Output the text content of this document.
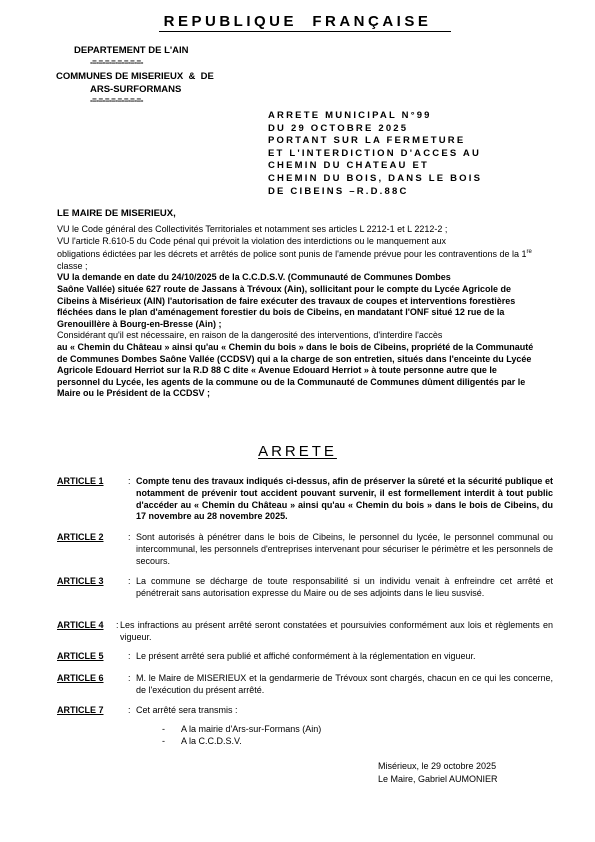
REPUBLIQUE  FRANÇAISE
DEPARTEMENT DE L'AIN
-=-=-=-=-=-=-=-=-
COMMUNES DE MISERIEUX  &  DE
ARS-SURFORMANS
-=-=-=-=-=-=-=-=-
ARRETE MUNICIPAL N°99
DU 29 OCTOBRE 2025
PORTANT SUR LA FERMETURE
ET L'INTERDICTION D'ACCES AU
CHEMIN DU CHATEAU ET
CHEMIN DU BOIS, DANS LE BOIS
DE CIBEINS –R.D.88C
LE MAIRE DE MISERIEUX,
VU le Code général des Collectivités Territoriales et notamment ses articles L 2212-1 et L 2212-2 ;
VU l'article R.610-5 du Code pénal qui prévoit la violation des interdictions ou le manquement aux
obligations édictées par les décrets et arrêtés de police sont punis de l'amende prévue pour les contraventions de la 1re classe ;
VU la demande en date du 24/10/2025 de la C.C.D.S.V. (Communauté de Communes Dombes
Saône Vallée) située 627 route de Jassans à Trévoux (Ain), sollicitant pour le compte du Lycée Agricole de Cibeins à Misérieux (AIN) l'autorisation de faire exécuter des travaux de coupes et interventions forestières fléchées dans le plan d'aménagement forestier du bois de Cibeins, en mandatant l'ONF situé 12 rue de la Grenouillère à Bourg-en-Bresse (Ain) ;
Considérant qu'il est nécessaire, en raison de la dangerosité des interventions, d'interdire l'accès
au « Chemin du Château » ainsi qu'au « Chemin du bois » dans le bois de Cibeins, propriété de la Communauté de Communes Dombes Saône Vallée (CCDSV) qui a la charge de son entretien, situés dans l'enceinte du Lycée Agricole Edouard Herriot sur la R.D 88 C dite « Avenue Edouard Herriot » à toute personne autre que le personnel du Lycée, les agents de la commune ou de la Communauté de Communes dûment diligentés par le Maire ou le Président de la CCDSV ;
ARRETE
ARTICLE 1	: Compte tenu des travaux indiqués ci-dessus, afin de préserver la sûreté et la sécurité publique et notamment de prévenir tout accident pouvant survenir, il est formellement interdit à tout public d'accéder au « Chemin du Château » ainsi qu'au « Chemin du bois » dans le bois de Cibeins, du 17 novembre au 28 novembre 2025.
ARTICLE 2	: Sont autorisés à pénétrer dans le bois de Cibeins, le personnel du lycée, le personnel communal ou intercommunal, les personnels d'entreprises intervenant pour sécuriser le périmètre et les personnels de secours.
ARTICLE 3	: La commune se décharge de toute responsabilité si un individu venait à enfreindre cet arrêté et pénétrerait sans autorisation expresse du Maire ou de ses adjoints dans le lieu susvisé.
ARTICLE 4	: Les infractions au présent arrêté seront constatées et poursuivies conformément aux lois et règlements en vigueur.
ARTICLE 5	: Le présent arrêté sera publié et affiché conformément à la réglementation en vigueur.
ARTICLE 6	: M. le Maire de MISERIEUX et la gendarmerie de Trévoux sont chargés, chacun en ce qui les concerne, de l'exécution du présent arrêté.
ARTICLE 7	: Cet arrêté sera transmis :
-	A la mairie d'Ars-sur-Formans (Ain)
-	A la C.C.D.S.V.
Misérieux, le 29 octobre 2025
Le Maire, Gabriel AUMONIER
